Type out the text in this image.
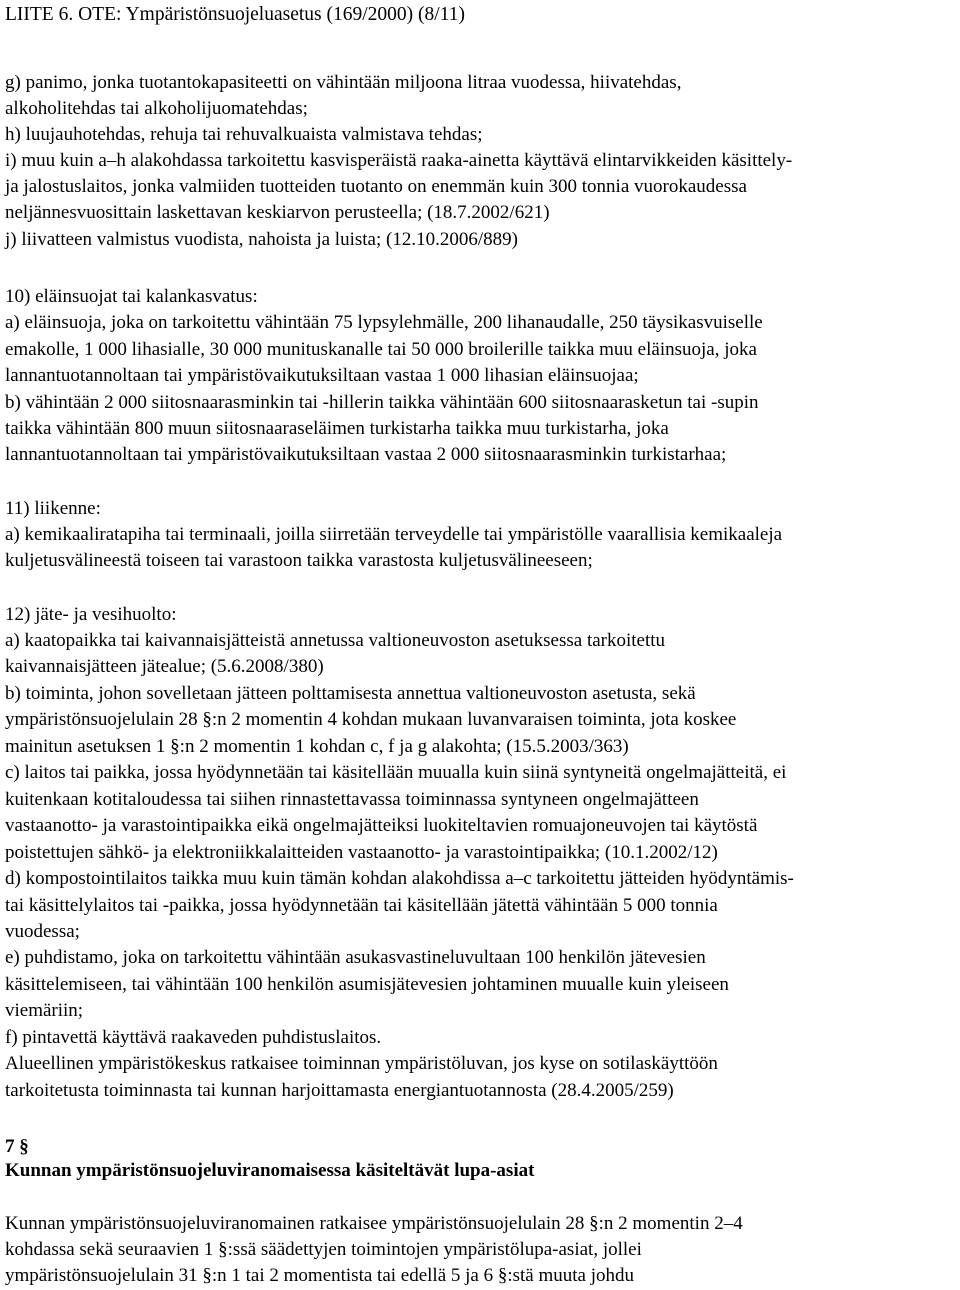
LIITE 6. OTE: Ympäristönsuojeluasetus (169/2000) (8/11)
g) panimo, jonka tuotantokapasiteetti on vähintään miljoona litraa vuodessa, hiivatehdas,
alkoholitehdas tai alkoholijuomatehdas;
h) luujauhotehdas, rehuja tai rehuvalkuaista valmistava tehdas;
i) muu kuin a–h alakohdassa tarkoitettu kasvisperäistä raaka-ainetta käyttävä elintarvikkeiden käsittely-
ja jalostuslaitos, jonka valmiiden tuotteiden tuotanto on enemmän kuin 300 tonnia vuorokaudessa
neljännesvuosittain laskettavan keskiarvon perusteella; (18.7.2002/621)
j) liivatteen valmistus vuodista, nahoista ja luista; (12.10.2006/889)
10) eläinsuojat tai kalankasvatus:
a) eläinsuoja, joka on tarkoitettu vähintään 75 lypsylehmälle, 200 lihanaudalle, 250 täysikasvuiselle
emakolle, 1 000 lihasialle, 30 000 munituskanalle tai 50 000 broilerille taikka muu eläinsuoja, joka
lannantuotannoltaan tai ympäristövaikutuksiltaan vastaa 1 000 lihasian eläinsuojaa;
b) vähintään 2 000 siitosnaarasminkin tai -hillerin taikka vähintään 600 siitosnaarasketun tai -supin
taikka vähintään 800 muun siitosnaaraseläimen turkistarha taikka muu turkistarha, joka
lannantuotannoltaan tai ympäristövaikutuksiltaan vastaa 2 000 siitosnaarasminkin turkistarhaa;
11) liikenne:
a) kemikaaliratapiha tai terminaali, joilla siirretään terveydelle tai ympäristölle vaarallisia kemikaaleja
kuljetusvälineestä toiseen tai varastoon taikka varastosta kuljetusvälineeseen;
12) jäte- ja vesihuolto:
a) kaatopaikka tai kaivannaisjätteistä annetussa valtioneuvoston asetuksessa tarkoitettu
kaivannaisjätteen jätealue; (5.6.2008/380)
b) toiminta, johon sovelletaan jätteen polttamisesta annettua valtioneuvoston asetusta, sekä
ympäristönsuojelulain 28 §:n 2 momentin 4 kohdan mukaan luvanvaraisen toiminta, jota koskee
mainitun asetuksen 1 §:n 2 momentin 1 kohdan c, f ja g alakohta; (15.5.2003/363)
c) laitos tai paikka, jossa hyödynnetään tai käsitellään muualla kuin siinä syntyneitä ongelmajätteitä, ei
kuitenkaan kotitaloudessa tai siihen rinnastettavassa toiminnassa syntyneen ongelmajätteen
vastaanotto- ja varastointipaikka eikä ongelmajätteiksi luokiteltavien romuajoneuvojen tai käytöstä
poistettujen sähkö- ja elektroniikkalaitteiden vastaanotto- ja varastointipaikka; (10.1.2002/12)
d) kompostointilaitos taikka muu kuin tämän kohdan alakohdissa a–c tarkoitettu jätteiden hyödyntämis-
tai käsittelylaitos tai -paikka, jossa hyödynnetään tai käsitellään jätettä vähintään 5 000 tonnia
vuodessa;
e) puhdistamo, joka on tarkoitettu vähintään asukasvastineluvultaan 100 henkilön jätevesien
käsittelemiseen, tai vähintään 100 henkilön asumisjätevesien johtaminen muualle kuin yleiseen
viemäriin;
f) pintavettä käyttävä raakaveden puhdistuslaitos.
Alueellinen ympäristökeskus ratkaisee toiminnan ympäristöluvan, jos kyse on sotilaskäyttöön
tarkoitetusta toiminnasta tai kunnan harjoittamasta energiantuotannosta (28.4.2005/259)
7 §
Kunnan ympäristönsuojeluviranomaisessa käsiteltävät lupa-asiat
Kunnan ympäristönsuojeluviranomainen ratkaisee ympäristönsuojelulain 28 §:n 2 momentin 2–4
kohdassa sekä seuraavien 1 §:ssä säädettyjen toimintojen ympäristölupa-asiat, jollei
ympäristönsuojelulain 31 §:n 1 tai 2 momentista tai edellä 5 ja 6 §:stä muuta johdu
